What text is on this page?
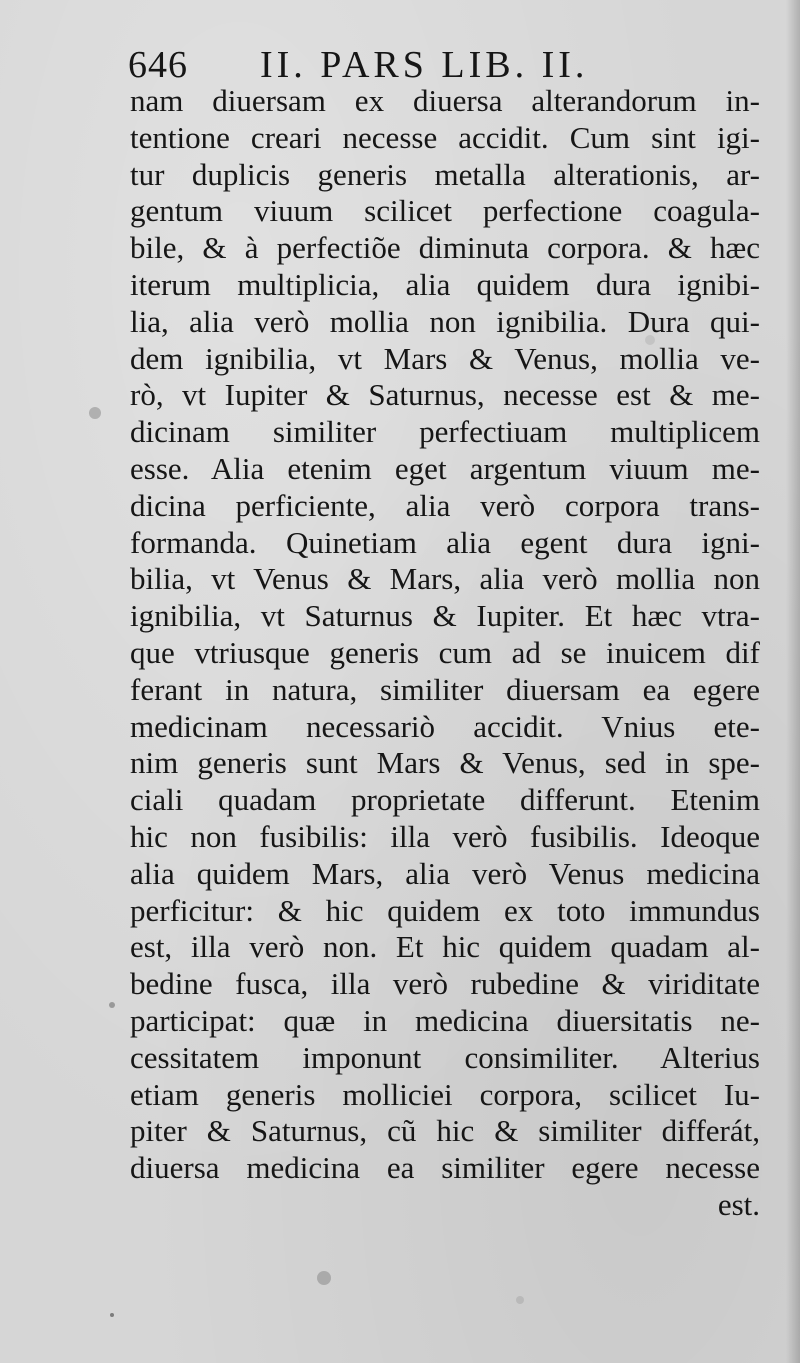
646 II. PARS LIB. II.
nam diuersam ex diuersa alterandorum in-
tentione creari necesse accidit. Cum sint igi-
tur duplicis generis metalla alterationis, ar-
gentum viuum scilicet perfectione coagula-
bile, & à perfectiõe diminuta corpora. & hæc
iterum multiplicia, alia quidem dura ignibi-
lia, alia verò mollia non ignibilia. Dura qui-
dem ignibilia, vt Mars & Venus, mollia ve-
rò, vt Iupiter & Saturnus, necesse est & me-
dicinam similiter perfectiuam multiplicem
esse. Alia etenim eget argentum viuum me-
dicina perficiente, alia verò corpora trans-
formanda. Quinetiam alia egent dura igni-
bilia, vt Venus & Mars, alia verò mollia non
ignibilia, vt Saturnus & Iupiter. Et hæc vtra-
que vtriusque generis cum ad se inuicem dif
ferant in natura, similiter diuersam ea egere
medicinam necessariò accidit. Vnius ete-
nim generis sunt Mars & Venus, sed in spe-
ciali quadam proprietate differunt. Etenim
hic non fusibilis: illa verò fusibilis. Ideoque
alia quidem Mars, alia verò Venus medicina
perficitur: & hic quidem ex toto immundus
est, illa verò non. Et hic quidem quadam al-
bedine fusca, illa verò rubedine & viriditate
participat: quæ in medicina diuersitatis ne-
cessitatem imponunt consimiliter. Alterius
etiam generis molliciei corpora, scilicet Iu-
piter & Saturnus, cũ hic & similiter differát,
diuersa medicina ea similiter egere necesse
est.
